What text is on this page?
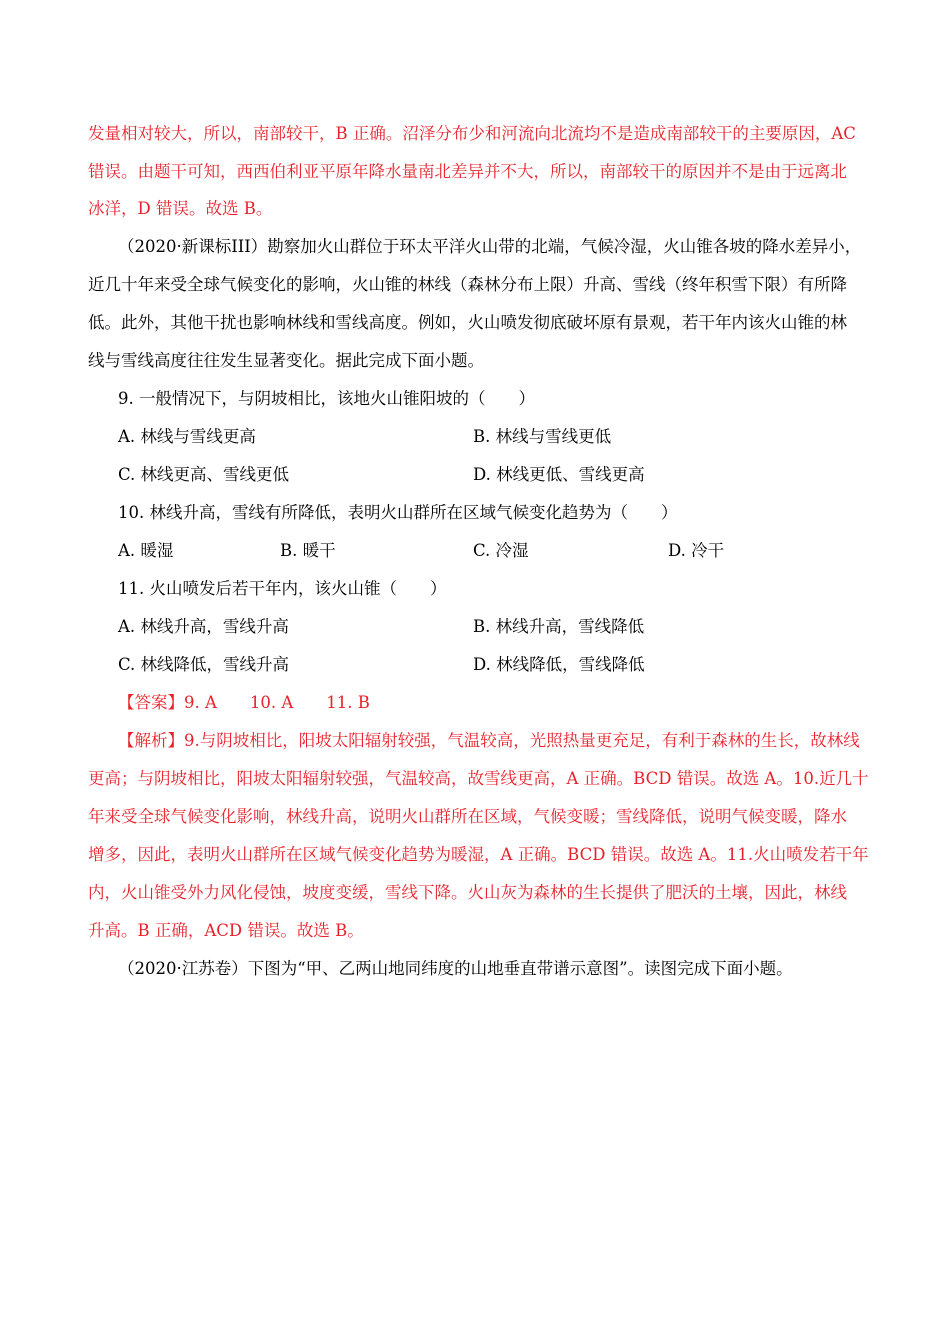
发量相对较大，所以，南部较干，B 正确。沼泽分布少和河流向北流均不是造成南部较干的主要原因，AC
错误。由题干可知，西西伯利亚平原年降水量南北差异并不大，所以，南部较干的原因并不是由于远离北
冰洋，D 错误。故选 B。
（2020·新课标III）勘察加火山群位于环太平洋火山带的北端，气候冷湿，火山锥各坡的降水差异小，
近几十年来受全球气候变化的影响，火山锥的林线（森林分布上限）升高、雪线（终年积雪下限）有所降
低。此外，其他干扰也影响林线和雪线高度。例如，火山喷发彻底破坏原有景观，若干年内该火山锥的林
线与雪线高度往往发生显著变化。据此完成下面小题。
9. 一般情况下，与阴坡相比，该地火山锥阳坡的（　　）
A. 林线与雪线更高	B. 林线与雪线更低
C. 林线更高、雪线更低	D. 林线更低、雪线更高
10. 林线升高，雪线有所降低，表明火山群所在区域气候变化趋势为（　　）
A. 暖湿	B. 暖干	C. 冷湿	D. 冷干
11. 火山喷发后若干年内，该火山锥（　　）
A. 林线升高，雪线升高	B. 林线升高，雪线降低
C. 林线降低，雪线升高	D. 林线降低，雪线降低
【答案】9. A　　10. A　　11. B
【解析】9.与阴坡相比，阳坡太阳辐射较强，气温较高，光照热量更充足，有利于森林的生长，故林线
更高；与阴坡相比，阳坡太阳辐射较强，气温较高，故雪线更高，A 正确。BCD 错误。故选 A。10.近几十
年来受全球气候变化影响，林线升高，说明火山群所在区域，气候变暖；雪线降低，说明气候变暖，降水
增多，因此，表明火山群所在区域气候变化趋势为暖湿，A 正确。BCD 错误。故选 A。11.火山喷发若干年
内，火山锥受外力风化侵蚀，坡度变缓，雪线下降。火山灰为森林的生长提供了肥沃的土壤，因此，林线
升高。B 正确，ACD 错误。故选 B。
（2020·江苏卷）下图为“甲、乙两山地同纬度的山地垂直带谱示意图”。读图完成下面小题。
